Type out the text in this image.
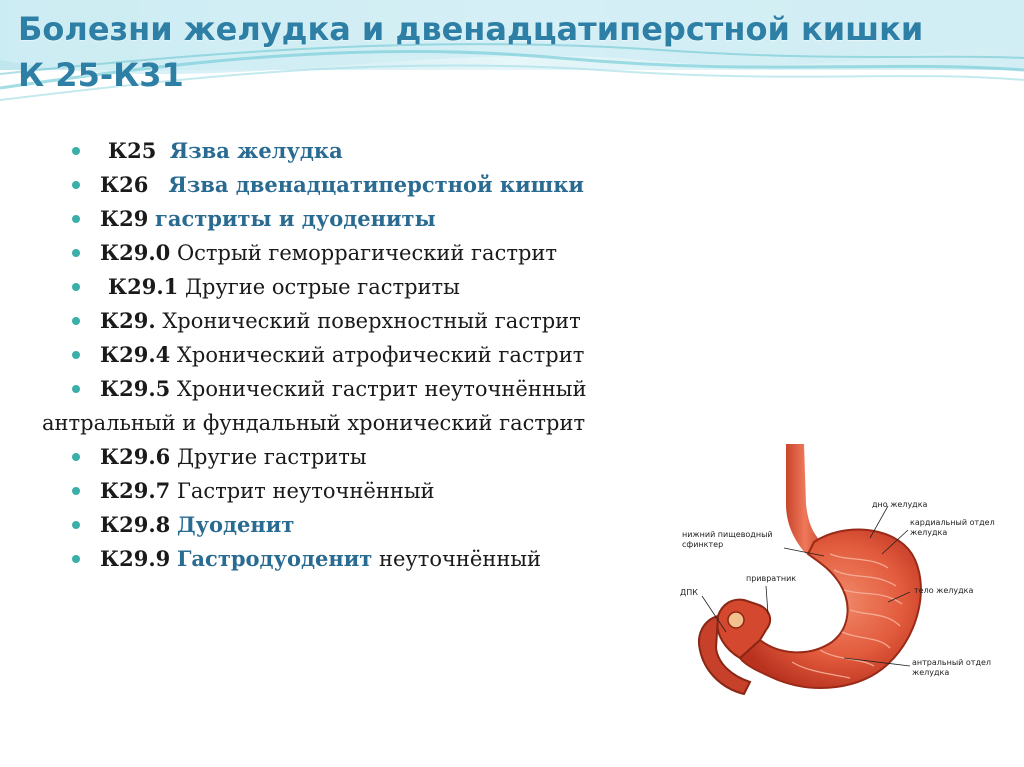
Болезни желудка и двенадцатиперстной кишки
К 25-К31
К25 Язва желудка
К26 Язва двенадцатиперстной кишки
К29 гастриты и дуодениты
К29.0 Острый геморрагический гастрит
К29.1 Другие острые гастриты
К29. Хронический поверхностный гастрит
К29.4 Хронический атрофический гастрит
К29.5 Хронический гастрит неуточнённый антральный и фундальный хронический гастрит
К29.6 Другие гастриты
К29.7 Гастрит неуточнённый
К29.8 Дуоденит
К29.9 Гастродуоденит неуточнённый
дно желудка
кардиальный отдел желудка
нижний пищеводный сфинктер
привратник
тело желудка
ДПК
антральный отдел желудка
